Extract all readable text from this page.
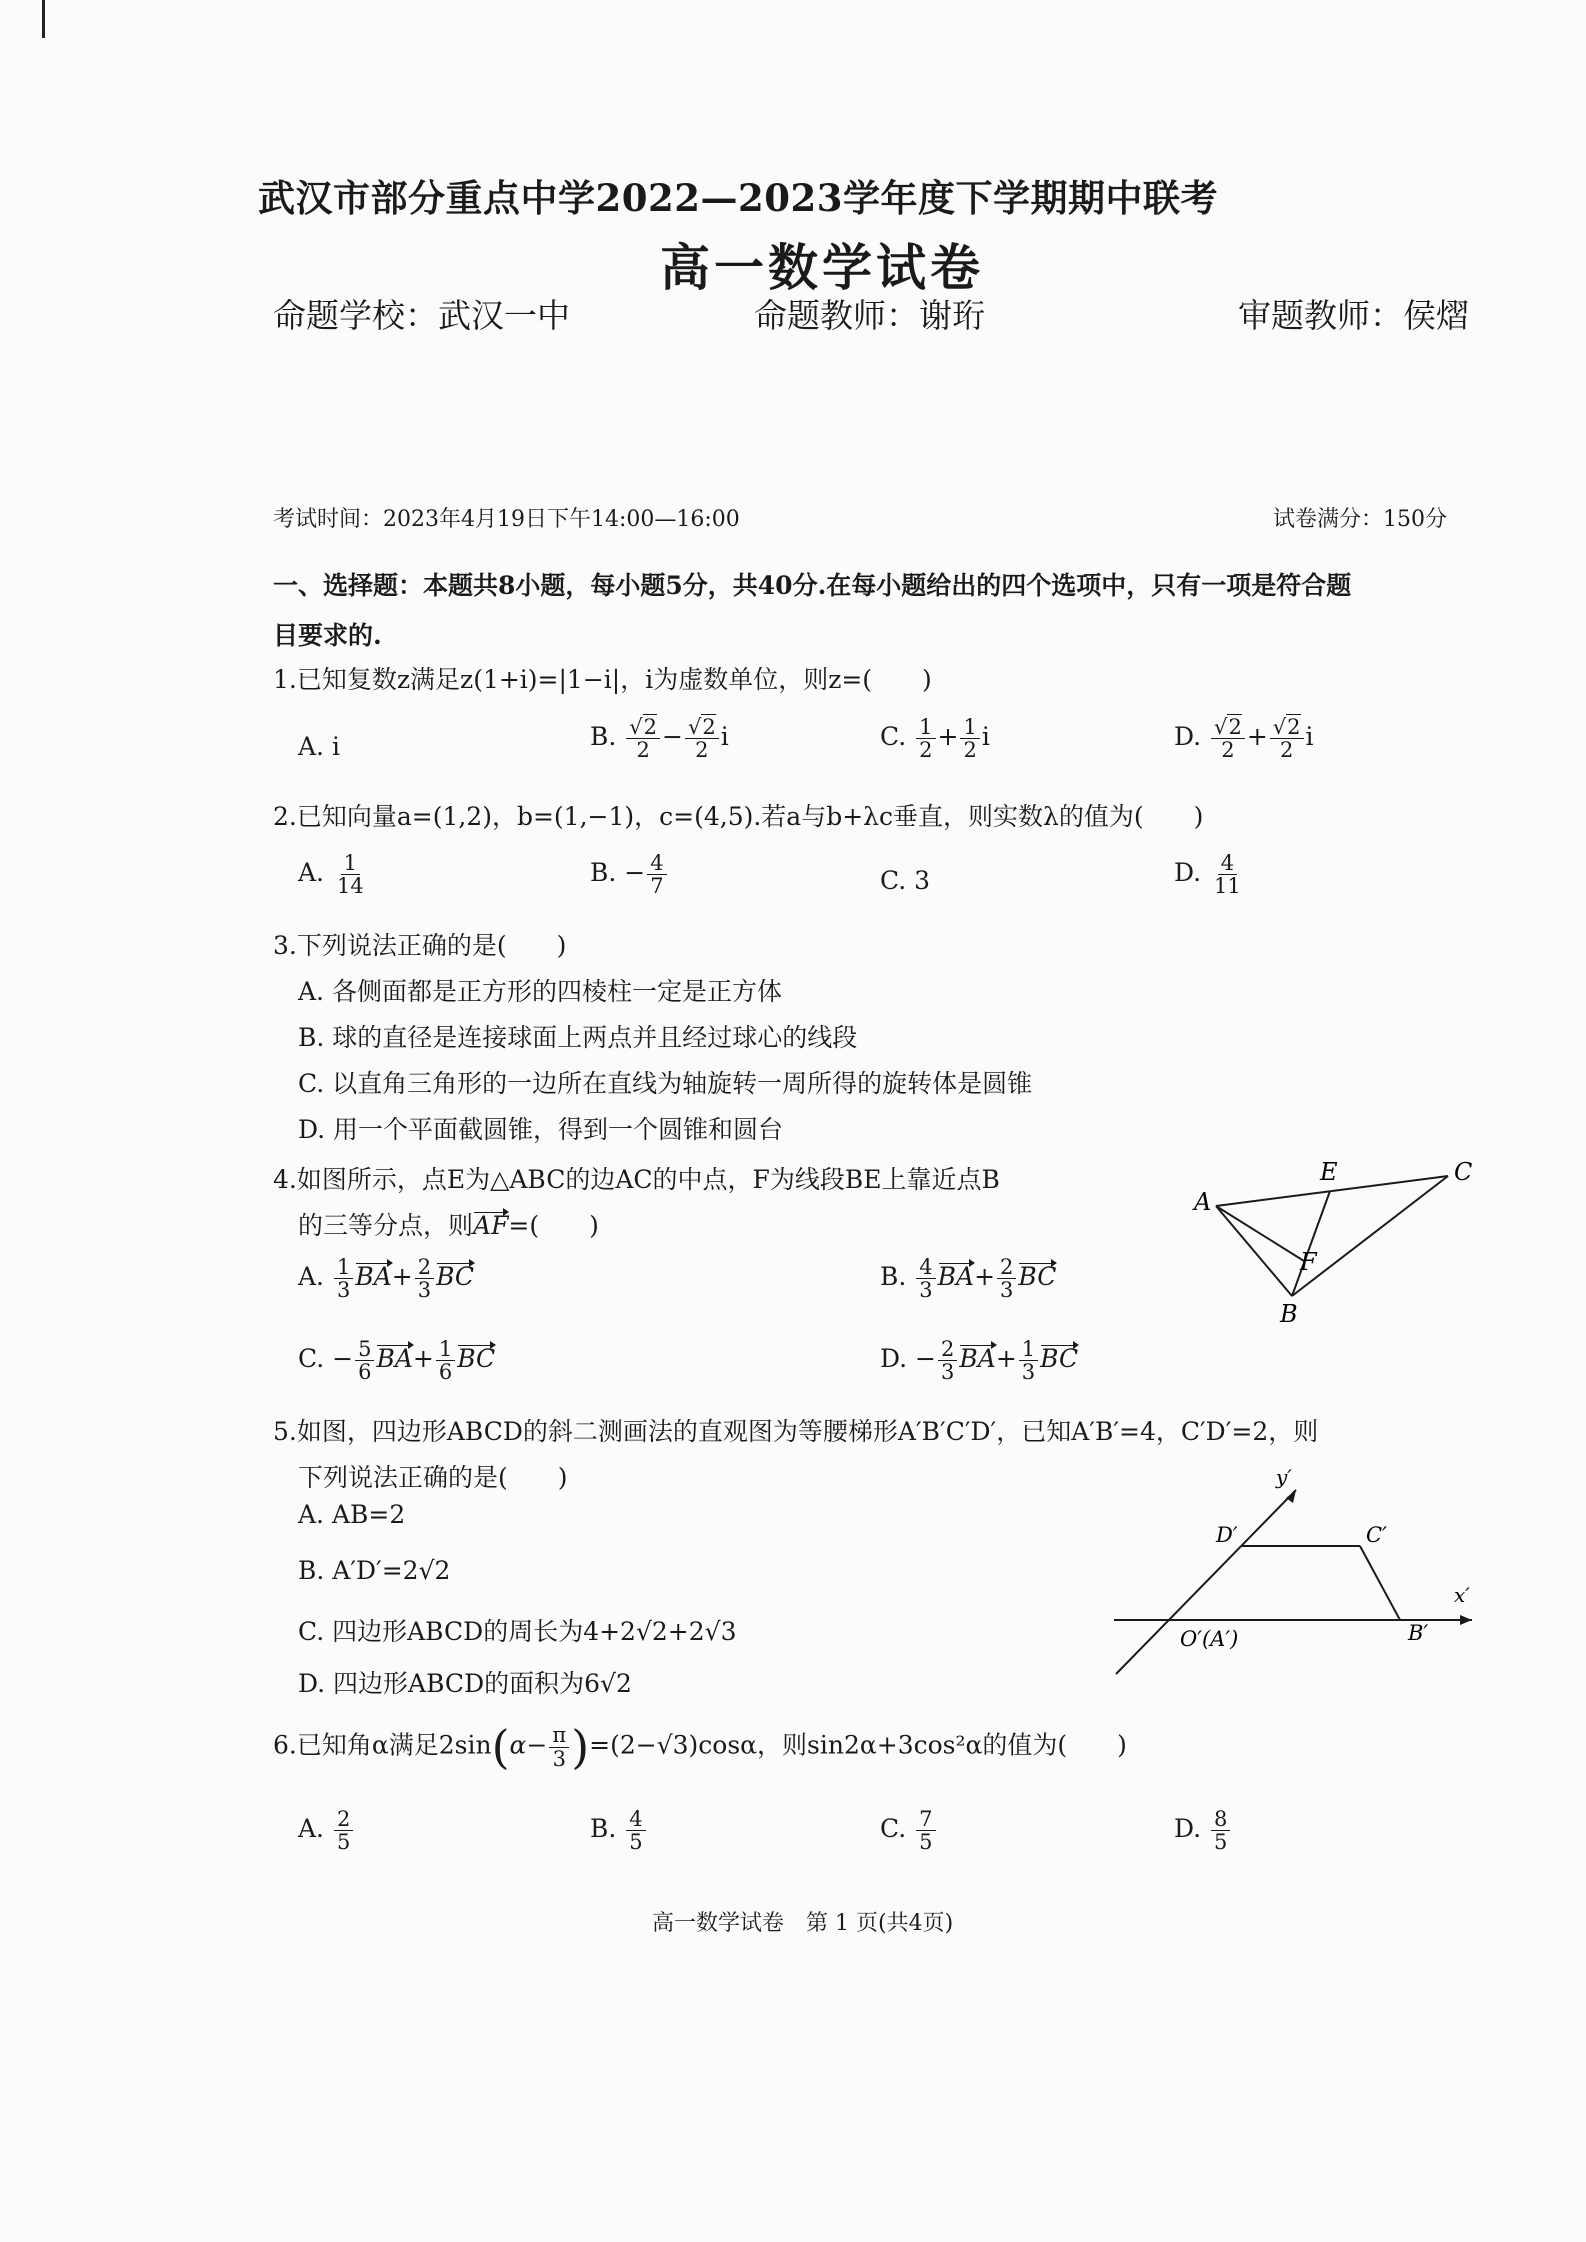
武汉市部分重点中学2022—2023学年度下学期期中联考
高一数学试卷
命题学校：武汉一中	命题教师：谢珩	审题教师：侯熠
考试时间：2023年4月19日下午14:00—16:00	试卷满分：150分
一、选择题：本题共8小题，每小题5分，共40分.在每小题给出的四个选项中，只有一项是符合题
目要求的.
1.已知复数z满足z(1+i)=|1−i|，i为虚数单位，则z=(　　)
A. i	B. $\frac{√2}{2} - \frac{√2}{2}$ i	C. $\frac{1}{2} + \frac{1}{2}$ i	D. $\frac{√2}{2} + \frac{√2}{2}$ i
2.已知向量a=(1,2)，b=(1,−1)，c=(4,5).若a与b+λc垂直，则实数λ的值为(　　)
A. $\frac{1}{14}$	B. − $\frac{4}{7}$	C. 3	D. $\frac{4}{11}$
3.下列说法正确的是(　　)
A. 各侧面都是正方形的四棱柱一定是正方体
B. 球的直径是连接球面上两点并且经过球心的线段
C. 以直角三角形的一边所在直线为轴旋转一周所得的旋转体是圆锥
D. 用一个平面截圆锥，得到一个圆锥和圆台
4.如图所示，点E为△ABC的边AC的中点，F为线段BE上靠近点B
的三等分点，则AF=(　　)
A. $\frac{1}{3} BA+ \frac{2}{3}$ BC	B. $\frac{4}{3} BA+ \frac{2}{3}$ BC
C. − $\frac{5}{6} BA+ \frac{1}{6}$ BC	D. − $\frac{2}{3} BA+ \frac{1}{3}$ BC
A
E	C
F
B
5.如图，四边形ABCD的斜二测画法的直观图为等腰梯形A′B′C′D′，已知A′B′=4，C′D′=2，则
下列说法正确的是(　　)
A. AB=2
B. A′D′=2√2
C. 四边形ABCD的周长为4+2√2+2√3
D. 四边形ABCD的面积为6√2
y′
x′
D′	C′
O′(A′)	B′
6.已知角α满足$2\sin(\alpha- \frac{\pi}{3} )=(2-√3)\cos\alpha$，则sin2α+3cos²α的值为(　　)
A. $\frac{2}{5}$	B. $\frac{4}{5}$	C. $\frac{7}{5}$	D. $\frac{8}{5}$
高一数学试卷　第 1 页(共4页)
